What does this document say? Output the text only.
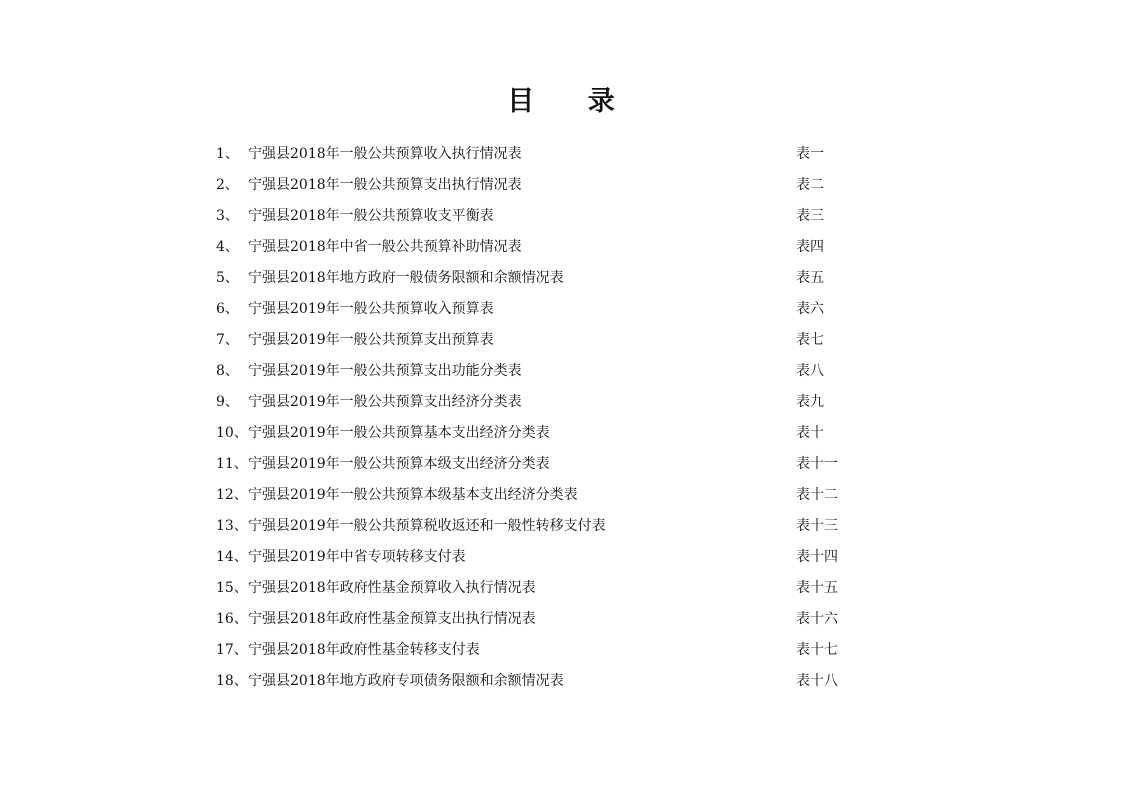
目 录
1、 宁强县2018年一般公共预算收入执行情况表	表一
2、 宁强县2018年一般公共预算支出执行情况表	表二
3、 宁强县2018年一般公共预算收支平衡表	表三
4、 宁强县2018年中省一般公共预算补助情况表	表四
5、 宁强县2018年地方政府一般债务限额和余额情况表	表五
6、 宁强县2019年一般公共预算收入预算表	表六
7、 宁强县2019年一般公共预算支出预算表	表七
8、 宁强县2019年一般公共预算支出功能分类表	表八
9、 宁强县2019年一般公共预算支出经济分类表	表九
10、 宁强县2019年一般公共预算基本支出经济分类表	表十
11、 宁强县2019年一般公共预算本级支出经济分类表	表十一
12、 宁强县2019年一般公共预算本级基本支出经济分类表	表十二
13、 宁强县2019年一般公共预算税收返还和一般性转移支付表	表十三
14、 宁强县2019年中省专项转移支付表	表十四
15、 宁强县2018年政府性基金预算收入执行情况表	表十五
16、 宁强县2018年政府性基金预算支出执行情况表	表十六
17、 宁强县2018年政府性基金转移支付表	表十七
18、 宁强县2018年地方政府专项债务限额和余额情况表	表十八
